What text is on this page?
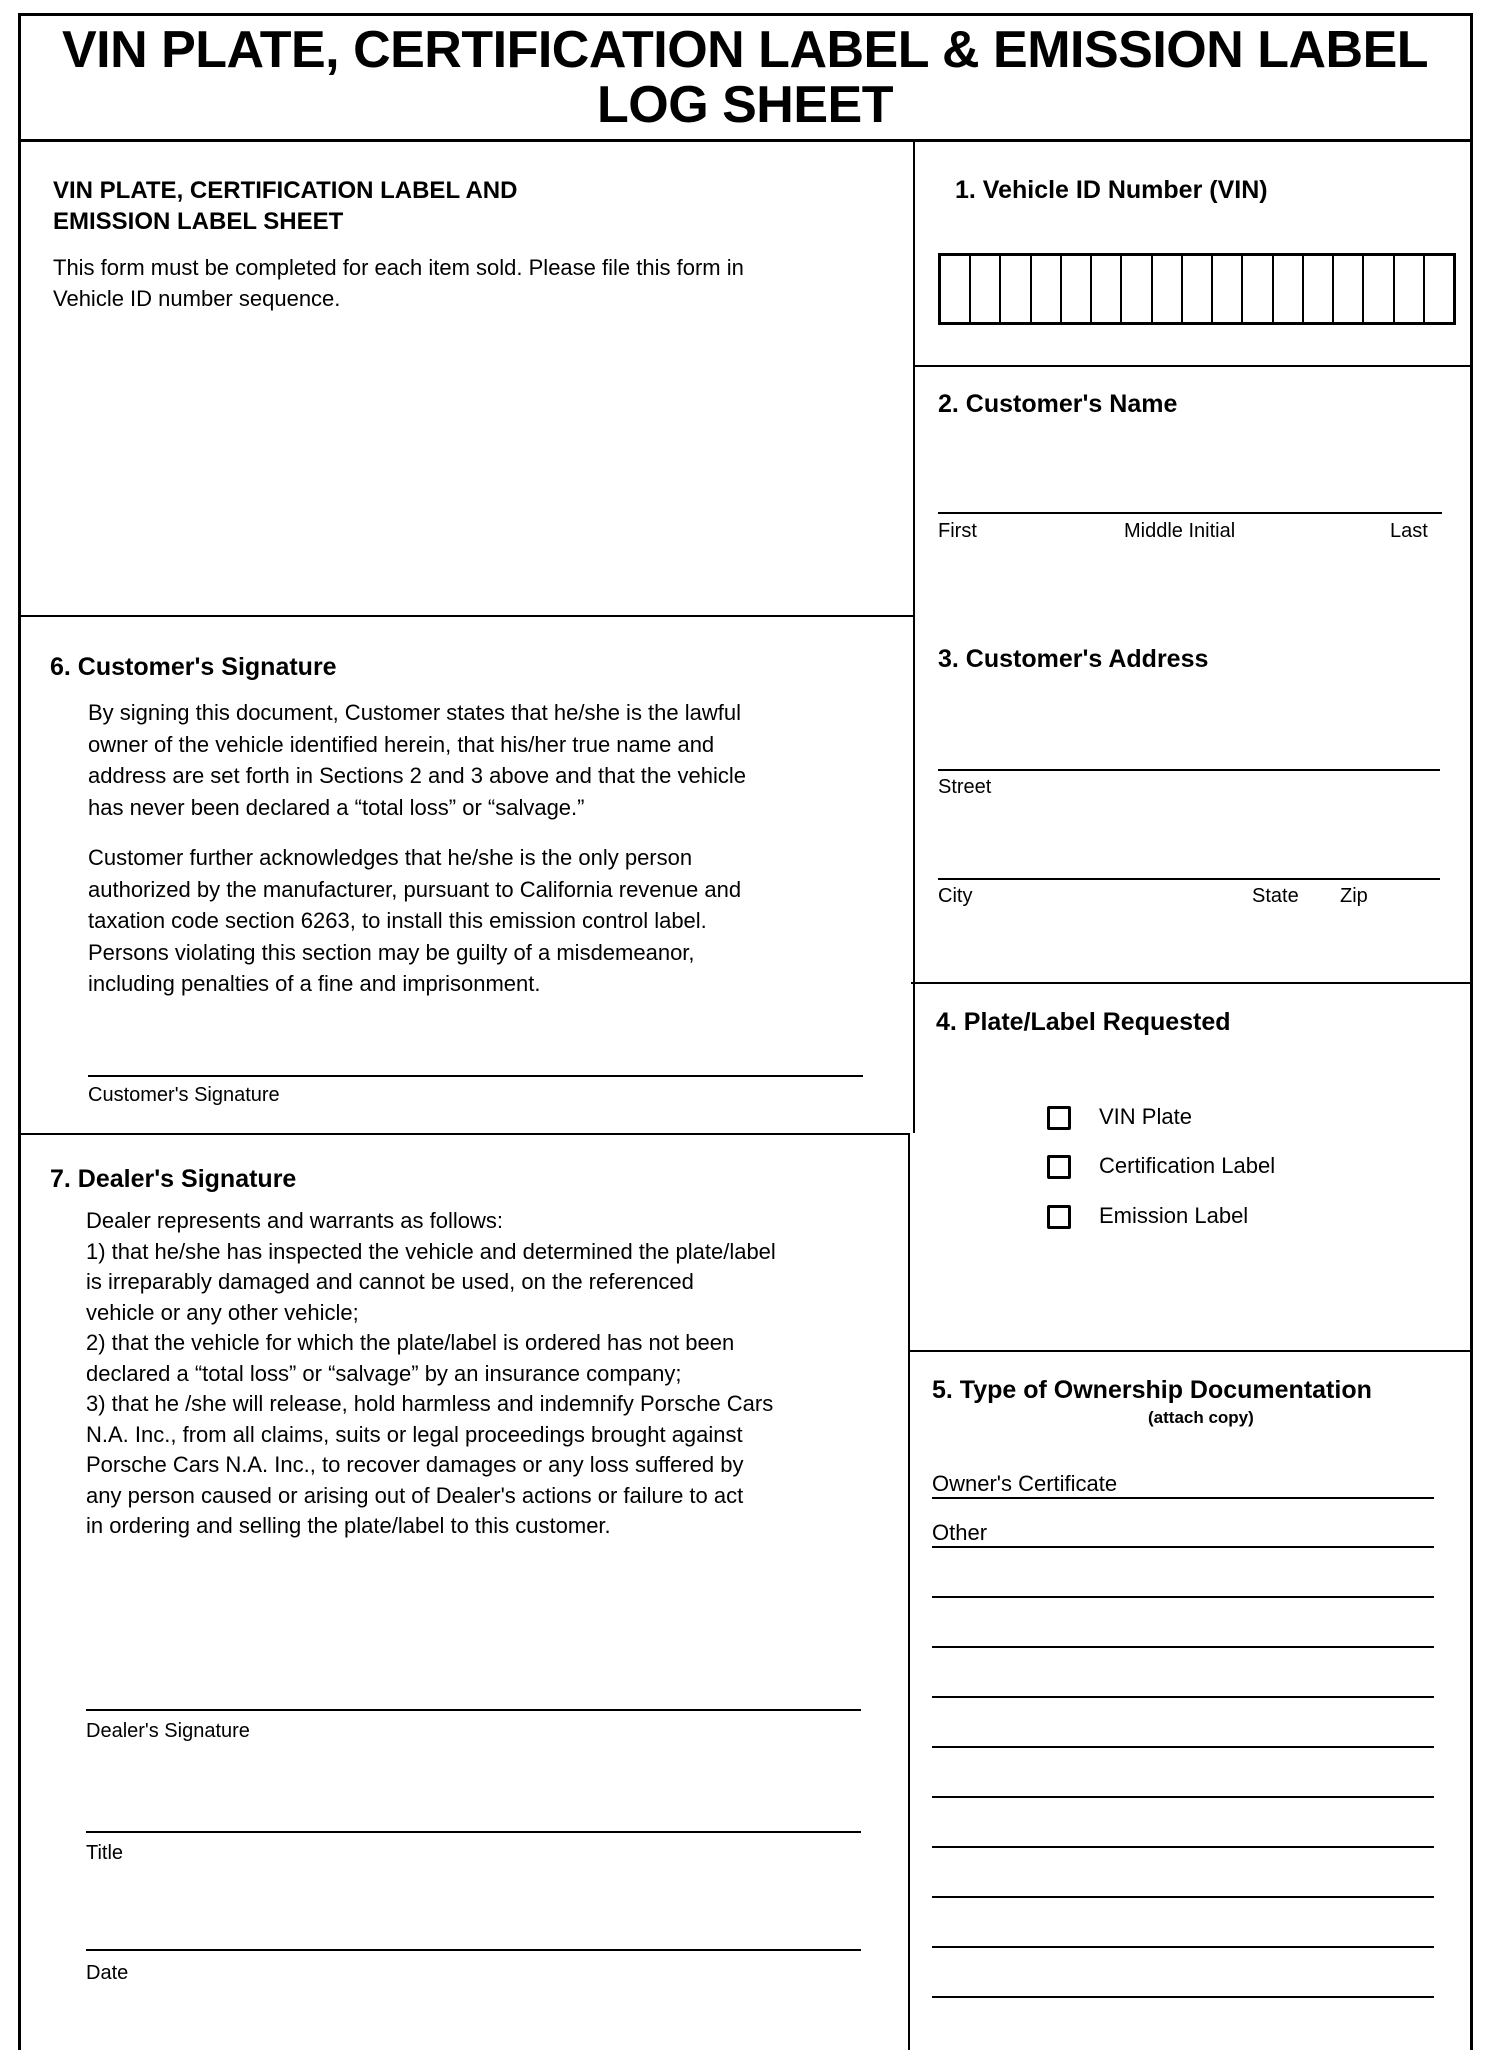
VIN PLATE, CERTIFICATION LABEL & EMISSION LABEL
LOG SHEET
VIN PLATE, CERTIFICATION LABEL AND
EMISSION LABEL SHEET
This form must be completed for each item sold. Please file this form in
Vehicle ID number sequence.
1. Vehicle ID Number (VIN)
2. Customer's Name
First	Middle Initial	Last
3. Customer's Address
Street
City	State Zip
4. Plate/Label Requested
VIN Plate
Certification Label
Emission Label
5. Type of Ownership Documentation
(attach copy)
Owner's Certificate
Other
6. Customer's Signature
By signing this document, Customer states that he/she is the lawful
owner of the vehicle identified herein, that his/her true name and
address are set forth in Sections 2 and 3 above and that the vehicle
has never been declared a “total loss” or “salvage.”
Customer further acknowledges that he/she is the only person
authorized by the manufacturer, pursuant to California revenue and
taxation code section 6263, to install this emission control label.
Persons violating this section may be guilty of a misdemeanor,
including penalties of a fine and imprisonment.
Customer's Signature
7. Dealer's Signature
Dealer represents and warrants as follows:
1) that he/she has inspected the vehicle and determined the plate/label
is irreparably damaged and cannot be used, on the referenced
vehicle or any other vehicle;
2) that the vehicle for which the plate/label is ordered has not been
declared a “total loss” or “salvage” by an insurance company;
3) that he /she will release, hold harmless and indemnify Porsche Cars
N.A. Inc., from all claims, suits or legal proceedings brought against
Porsche Cars N.A. Inc., to recover damages or any loss suffered by
any person caused or arising out of Dealer's actions or failure to act
in ordering and selling the plate/label to this customer.
Dealer's Signature
Title
Date
